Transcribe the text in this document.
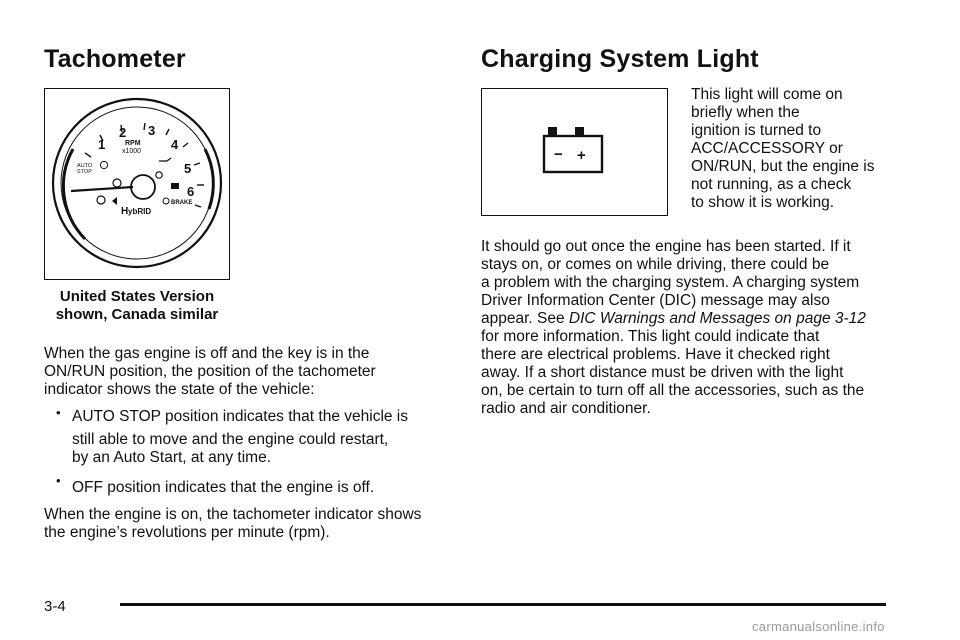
Tachometer
1
2 3
4
5
6
RPM
x1000
AUTO
STOP
BRAKE
H ybRID
United States Version
shown, Canada similar

When the gas engine is off and the key is in the
ON/RUN position, the position of the tachometer
indicator shows the state of the vehicle:

• AUTO STOP position indicates that the vehicle is
still able to move and the engine could restart,
by an Auto Start, at any time.
• OFF position indicates that the engine is off.

When the engine is on, the tachometer indicator shows
the engine’s revolutions per minute (rpm).

Charging System Light
− +
This light will come on
briefly when the
ignition is turned to
ACC/ACCESSORY or
ON/RUN, but the engine is
not running, as a check
to show it is working.
It should go out once the engine has been started. If it
stays on, or comes on while driving, there could be
a problem with the charging system. A charging system
Driver Information Center (DIC) message may also
appear. See DIC Warnings and Messages on page 3-12
for more information. This light could indicate that
there are electrical problems. Have it checked right
away. If a short distance must be driven with the light
on, be certain to turn off all the accessories, such as the
radio and air conditioner.
3-4
carmanualsonline.info
